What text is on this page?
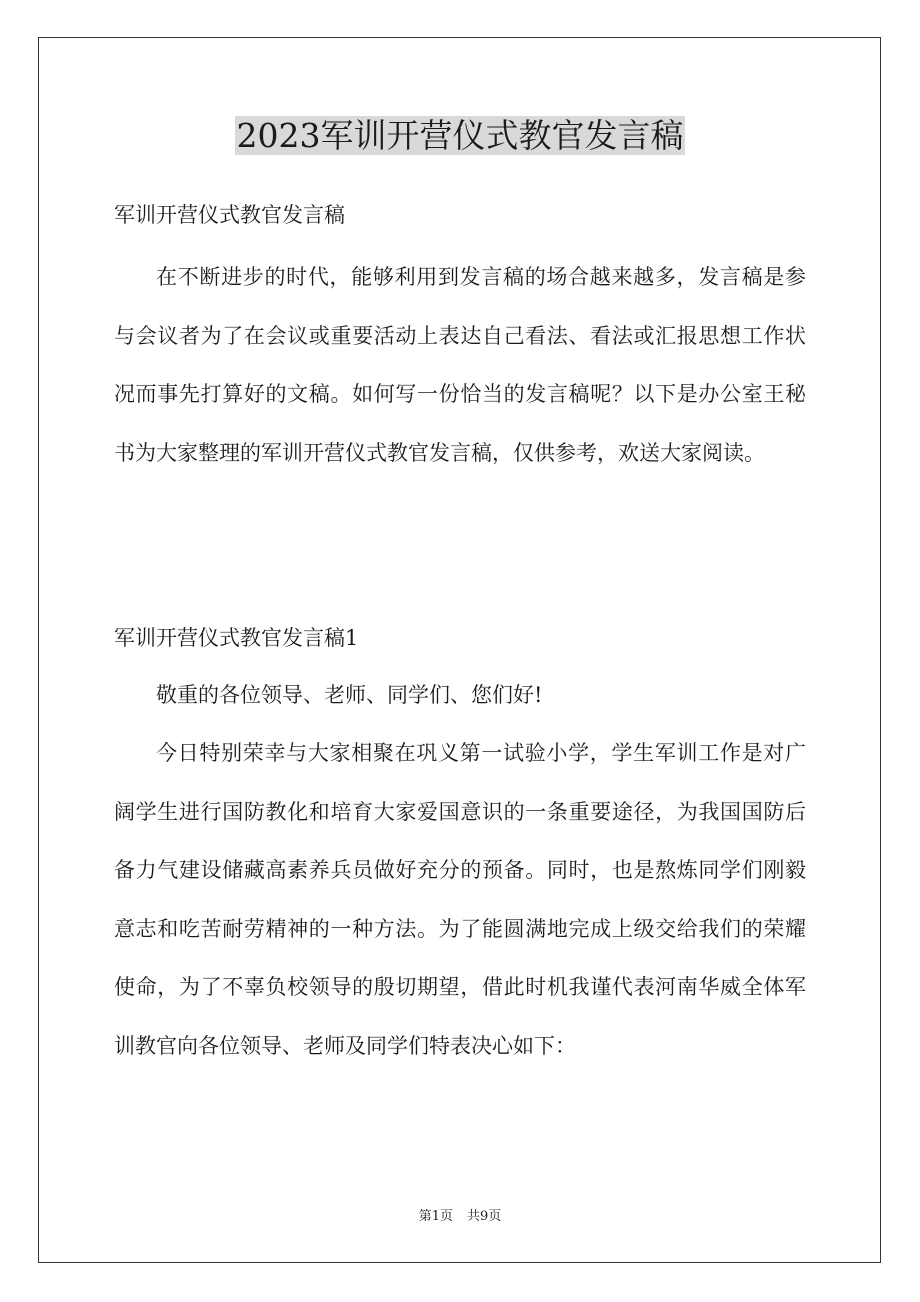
2023军训开营仪式教官发言稿
军训开营仪式教官发言稿

在不断进步的时代，能够利用到发言稿的场合越来越多，发言稿是参与会议者为了在会议或重要活动上表达自己看法、看法或汇报思想工作状况而事先打算好的文稿。如何写一份恰当的发言稿呢？以下是办公室王秘书为大家整理的军训开营仪式教官发言稿，仅供参考，欢送大家阅读。

军训开营仪式教官发言稿1

敬重的各位领导、老师、同学们、您们好!

今日特别荣幸与大家相聚在巩义第一试验小学，学生军训工作是对广阔学生进行国防教化和培育大家爱国意识的一条重要途径，为我国国防后备力气建设储藏高素养兵员做好充分的预备。同时，也是熬炼同学们刚毅意志和吃苦耐劳精神的一种方法。为了能圆满地完成上级交给我们的荣耀使命，为了不辜负校领导的殷切期望，借此时机我谨代表河南华威全体军训教官向各位领导、老师及同学们特表决心如下：

第1页 共9页
